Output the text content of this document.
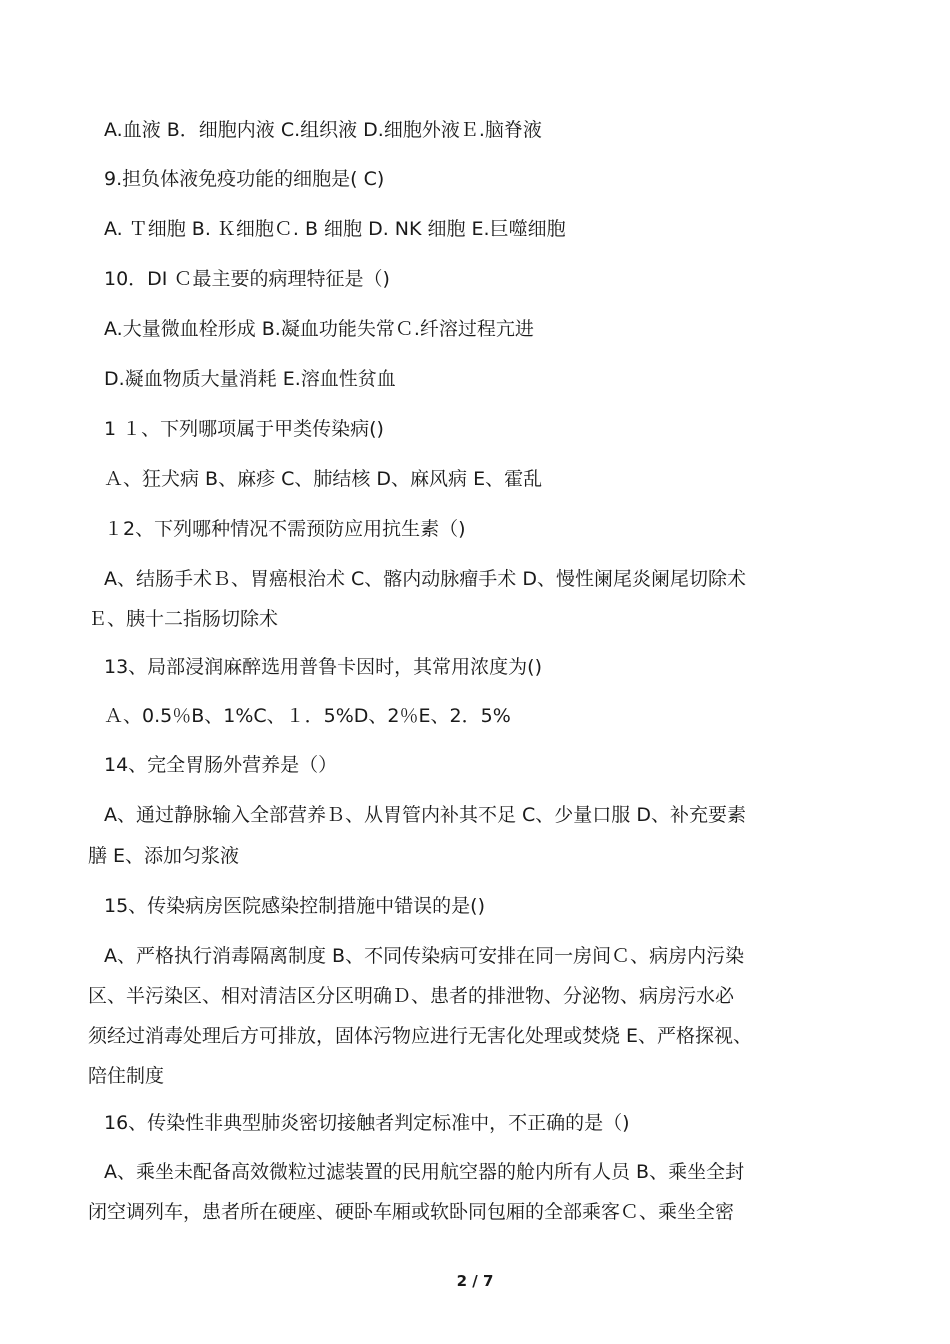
A.血液 B．细胞内液 C.组织液 D.细胞外液Ｅ.脑脊液
9.担负体液免疫功能的细胞是( C)
A. Ｔ细胞 B. Ｋ细胞Ｃ. B 细胞 D. NK 细胞 E.巨噬细胞
10．DI Ｃ最主要的病理特征是（)
A.大量微血栓形成 B.凝血功能失常Ｃ.纤溶过程亢进
D.凝血物质大量消耗 E.溶血性贫血
1 １、下列哪项属于甲类传染病()
Ａ、狂犬病 B、麻疹 C、肺结核 D、麻风病 E、霍乱
１2、下列哪种情况不需预防应用抗生素（)
A、结肠手术Ｂ、胃癌根治术 C、髂内动脉瘤手术 D、慢性阑尾炎阑尾切除术
Ｅ、胰十二指肠切除术
13、局部浸润麻醉选用普鲁卡因时，其常用浓度为()
Ａ、0.5％B、1%C、１．5%D、2％E、2．5%
14、完全胃肠外营养是（）
A、通过静脉输入全部营养Ｂ、从胃管内补其不足 C、少量口服 D、补充要素
膳 E、添加匀浆液
15、传染病房医院感染控制措施中错误的是()
A、严格执行消毒隔离制度 B、不同传染病可安排在同一房间Ｃ、病房内污染
区、半污染区、相对清洁区分区明确Ｄ、患者的排泄物、分泌物、病房污水必
须经过消毒处理后方可排放，固体污物应进行无害化处理或焚烧 E、严格探视、
陪住制度
16、传染性非典型肺炎密切接触者判定标准中，不正确的是（)
A、乘坐未配备高效微粒过滤装置的民用航空器的舱内所有人员 B、乘坐全封
闭空调列车，患者所在硬座、硬卧车厢或软卧同包厢的全部乘客Ｃ、乘坐全密
2 / 7
